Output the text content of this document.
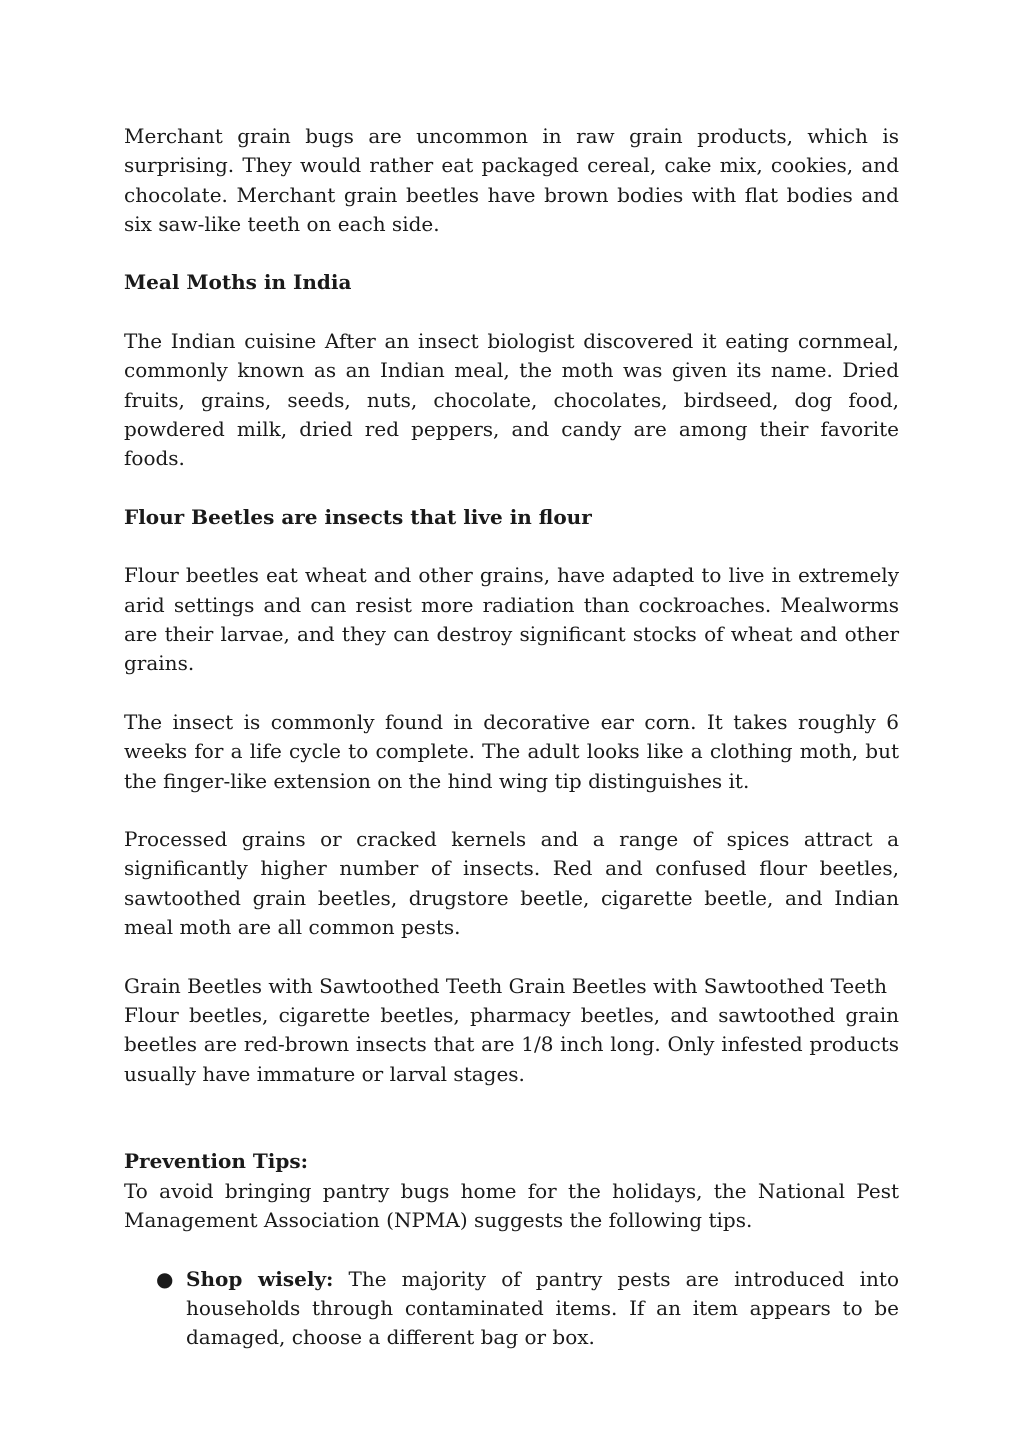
Merchant grain bugs are uncommon in raw grain products, which is surprising. They would rather eat packaged cereal, cake mix, cookies, and chocolate. Merchant grain beetles have brown bodies with flat bodies and six saw-like teeth on each side.

Meal Moths in India

The Indian cuisine After an insect biologist discovered it eating cornmeal, commonly known as an Indian meal, the moth was given its name. Dried fruits, grains, seeds, nuts, chocolate, chocolates, birdseed, dog food, powdered milk, dried red peppers, and candy are among their favorite foods.

Flour Beetles are insects that live in flour

Flour beetles eat wheat and other grains, have adapted to live in extremely arid settings and can resist more radiation than cockroaches. Mealworms are their larvae, and they can destroy significant stocks of wheat and other grains.

The insect is commonly found in decorative ear corn. It takes roughly 6 weeks for a life cycle to complete. The adult looks like a clothing moth, but the finger-like extension on the hind wing tip distinguishes it.

Processed grains or cracked kernels and a range of spices attract a significantly higher number of insects. Red and confused flour beetles, sawtoothed grain beetles, drugstore beetle, cigarette beetle, and Indian meal moth are all common pests.

Grain Beetles with Sawtoothed Teeth Grain Beetles with Sawtoothed Teeth

Flour beetles, cigarette beetles, pharmacy beetles, and sawtoothed grain beetles are red-brown insects that are 1/8 inch long. Only infested products usually have immature or larval stages.

Prevention Tips:

To avoid bringing pantry bugs home for the holidays, the National Pest Management Association (NPMA) suggests the following tips.

● Shop wisely: The majority of pantry pests are introduced into households through contaminated items. If an item appears to be damaged, choose a different bag or box.
